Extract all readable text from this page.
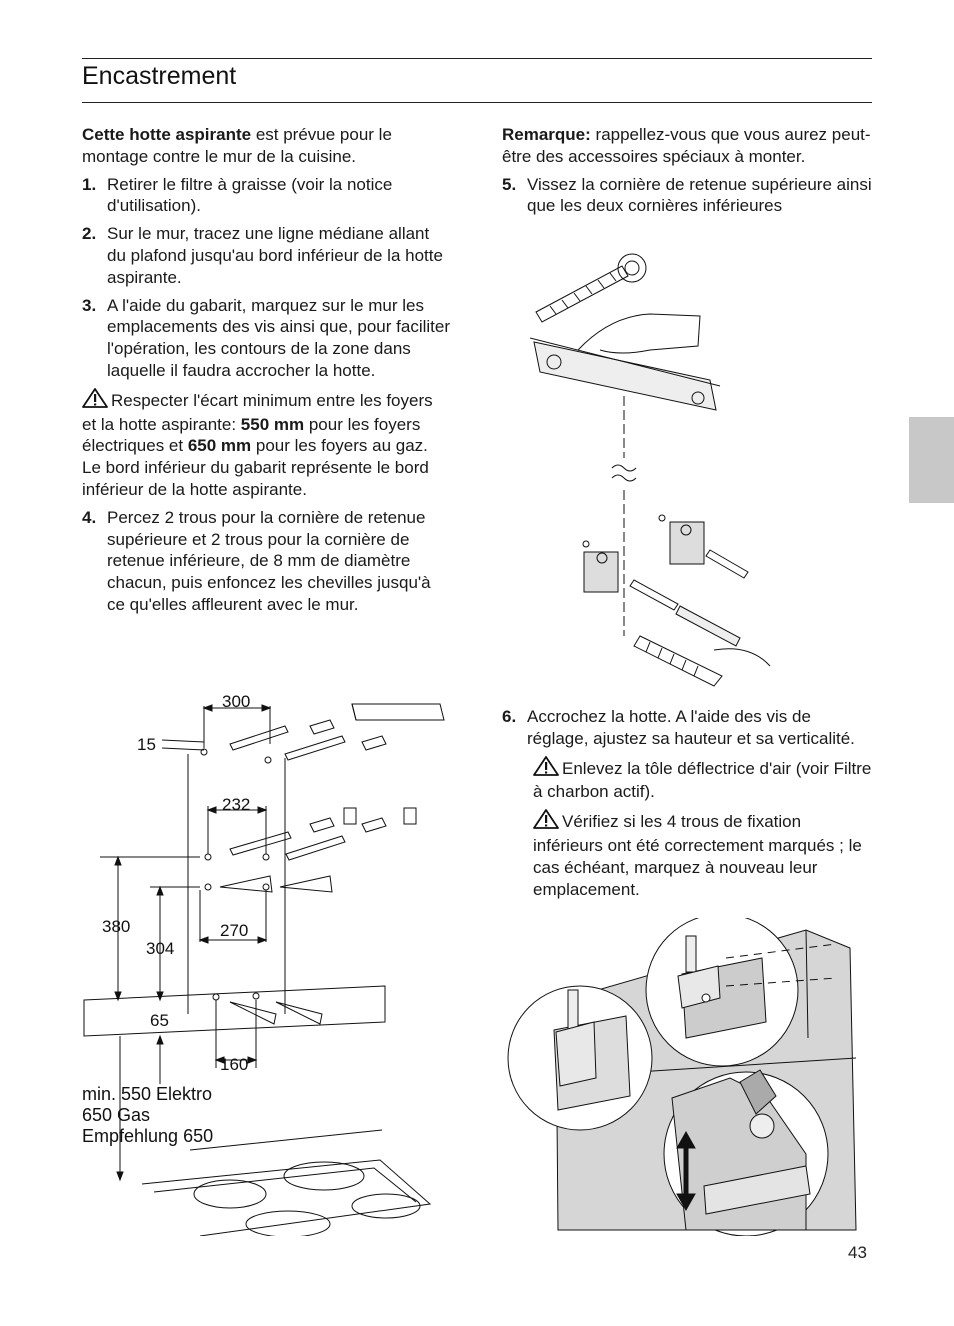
Encastrement

Cette hotte aspirante est prévue pour le montage contre le mur de la cuisine.

1. Retirer le filtre à graisse (voir la notice d'utilisation).
2. Sur le mur, tracez une ligne médiane allant du plafond jusqu'au bord inférieur de la hotte aspirante.
3. A l'aide du gabarit, marquez sur le mur les emplacements des vis ainsi que, pour faciliter l'opération, les contours de la zone dans laquelle il faudra accrocher la hotte.

Respecter l'écart minimum entre les foyers et la hotte aspirante: 550 mm pour les foyers électriques et 650 mm pour les foyers au gaz. Le bord inférieur du gabarit représente le bord inférieur de la hotte aspirante.

4. Percez 2 trous pour la cornière de retenue supérieure et 2 trous pour la cornière de retenue inférieure, de 8 mm de diamètre chacun, puis enfoncez les chevilles jusqu'à ce qu'elles affleurent avec le mur.
300
15
232
380
304
270
65
160
min. 550 Elektro
650 Gas
Empfehlung 650

Remarque: rappellez-vous que vous aurez peut-être des accessoires spéciaux à monter.

5. Vissez la cornière de retenue supérieure ainsi que les deux cornières inférieures
6. Accrochez la hotte. A l'aide des vis de réglage, ajustez sa hauteur et sa verticalité.

Enlevez la tôle déflectrice d'air (voir Filtre à charbon actif).

Vérifiez si les 4 trous de fixation inférieurs ont été correctement marqués ; le cas échéant, marquez à nouveau leur emplacement.

43
